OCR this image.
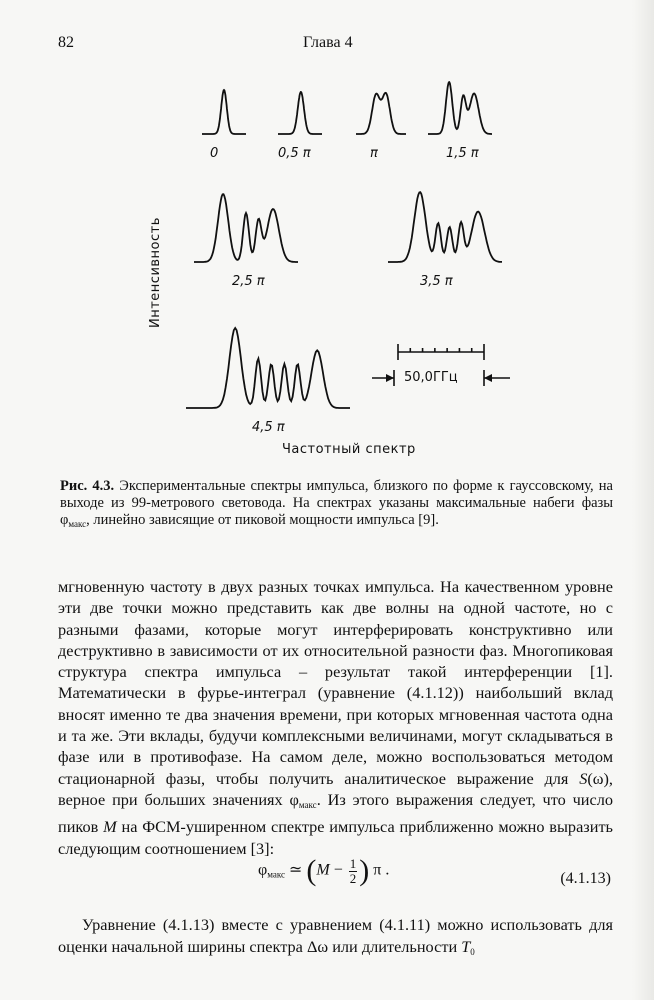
82	Глава 4
0	0,5 π	π	1,5 π
2,5 π	3,5 π
4,5 π
Интенсивность
Частотный спектр
50,0ГГц
Рис. 4.3. Экспериментальные спектры импульса, близкого по форме к гауссовскому, на выходе из 99-метрового световода. На спектрах указаны максимальные набеги фазы $\varphi_{макс}$, линейно зависящие от пиковой мощности импульса [9].

мгновенную частоту в двух разных точках импульса. На качественном уровне эти две точки можно представить как две волны на одной частоте, но с разными фазами, которые могут интерферировать конструктивно или деструктивно в зависимости от их относительной разности фаз. Многопиковая структура спектра импульса – результат такой интерференции [1]. Математически в фурье-интеграл (уравнение (4.1.12)) наибольший вклад вносят именно те два значения времени, при которых мгновенная частота одна и та же. Эти вклады, будучи комплексными величинами, могут складываться в фазе или в противофазе. На самом деле, можно воспользоваться методом стационарной фазы, чтобы получить аналитическое выражение для S(ω), верное при больших значениях $\varphi_{макс}$. Из этого выражения следует, что число пиков M на ФСМ-уширенном спектре импульса приближенно можно выразить следующим соотношением [3]:

$\varphi_{макс}$ ≃ ($M - \frac{1}{2}$ ) π .	(4.1.13)

Уравнение (4.1.13) вместе с уравнением (4.1.11) можно использовать для оценки начальной ширины спектра Δω или длительности $T_0$
